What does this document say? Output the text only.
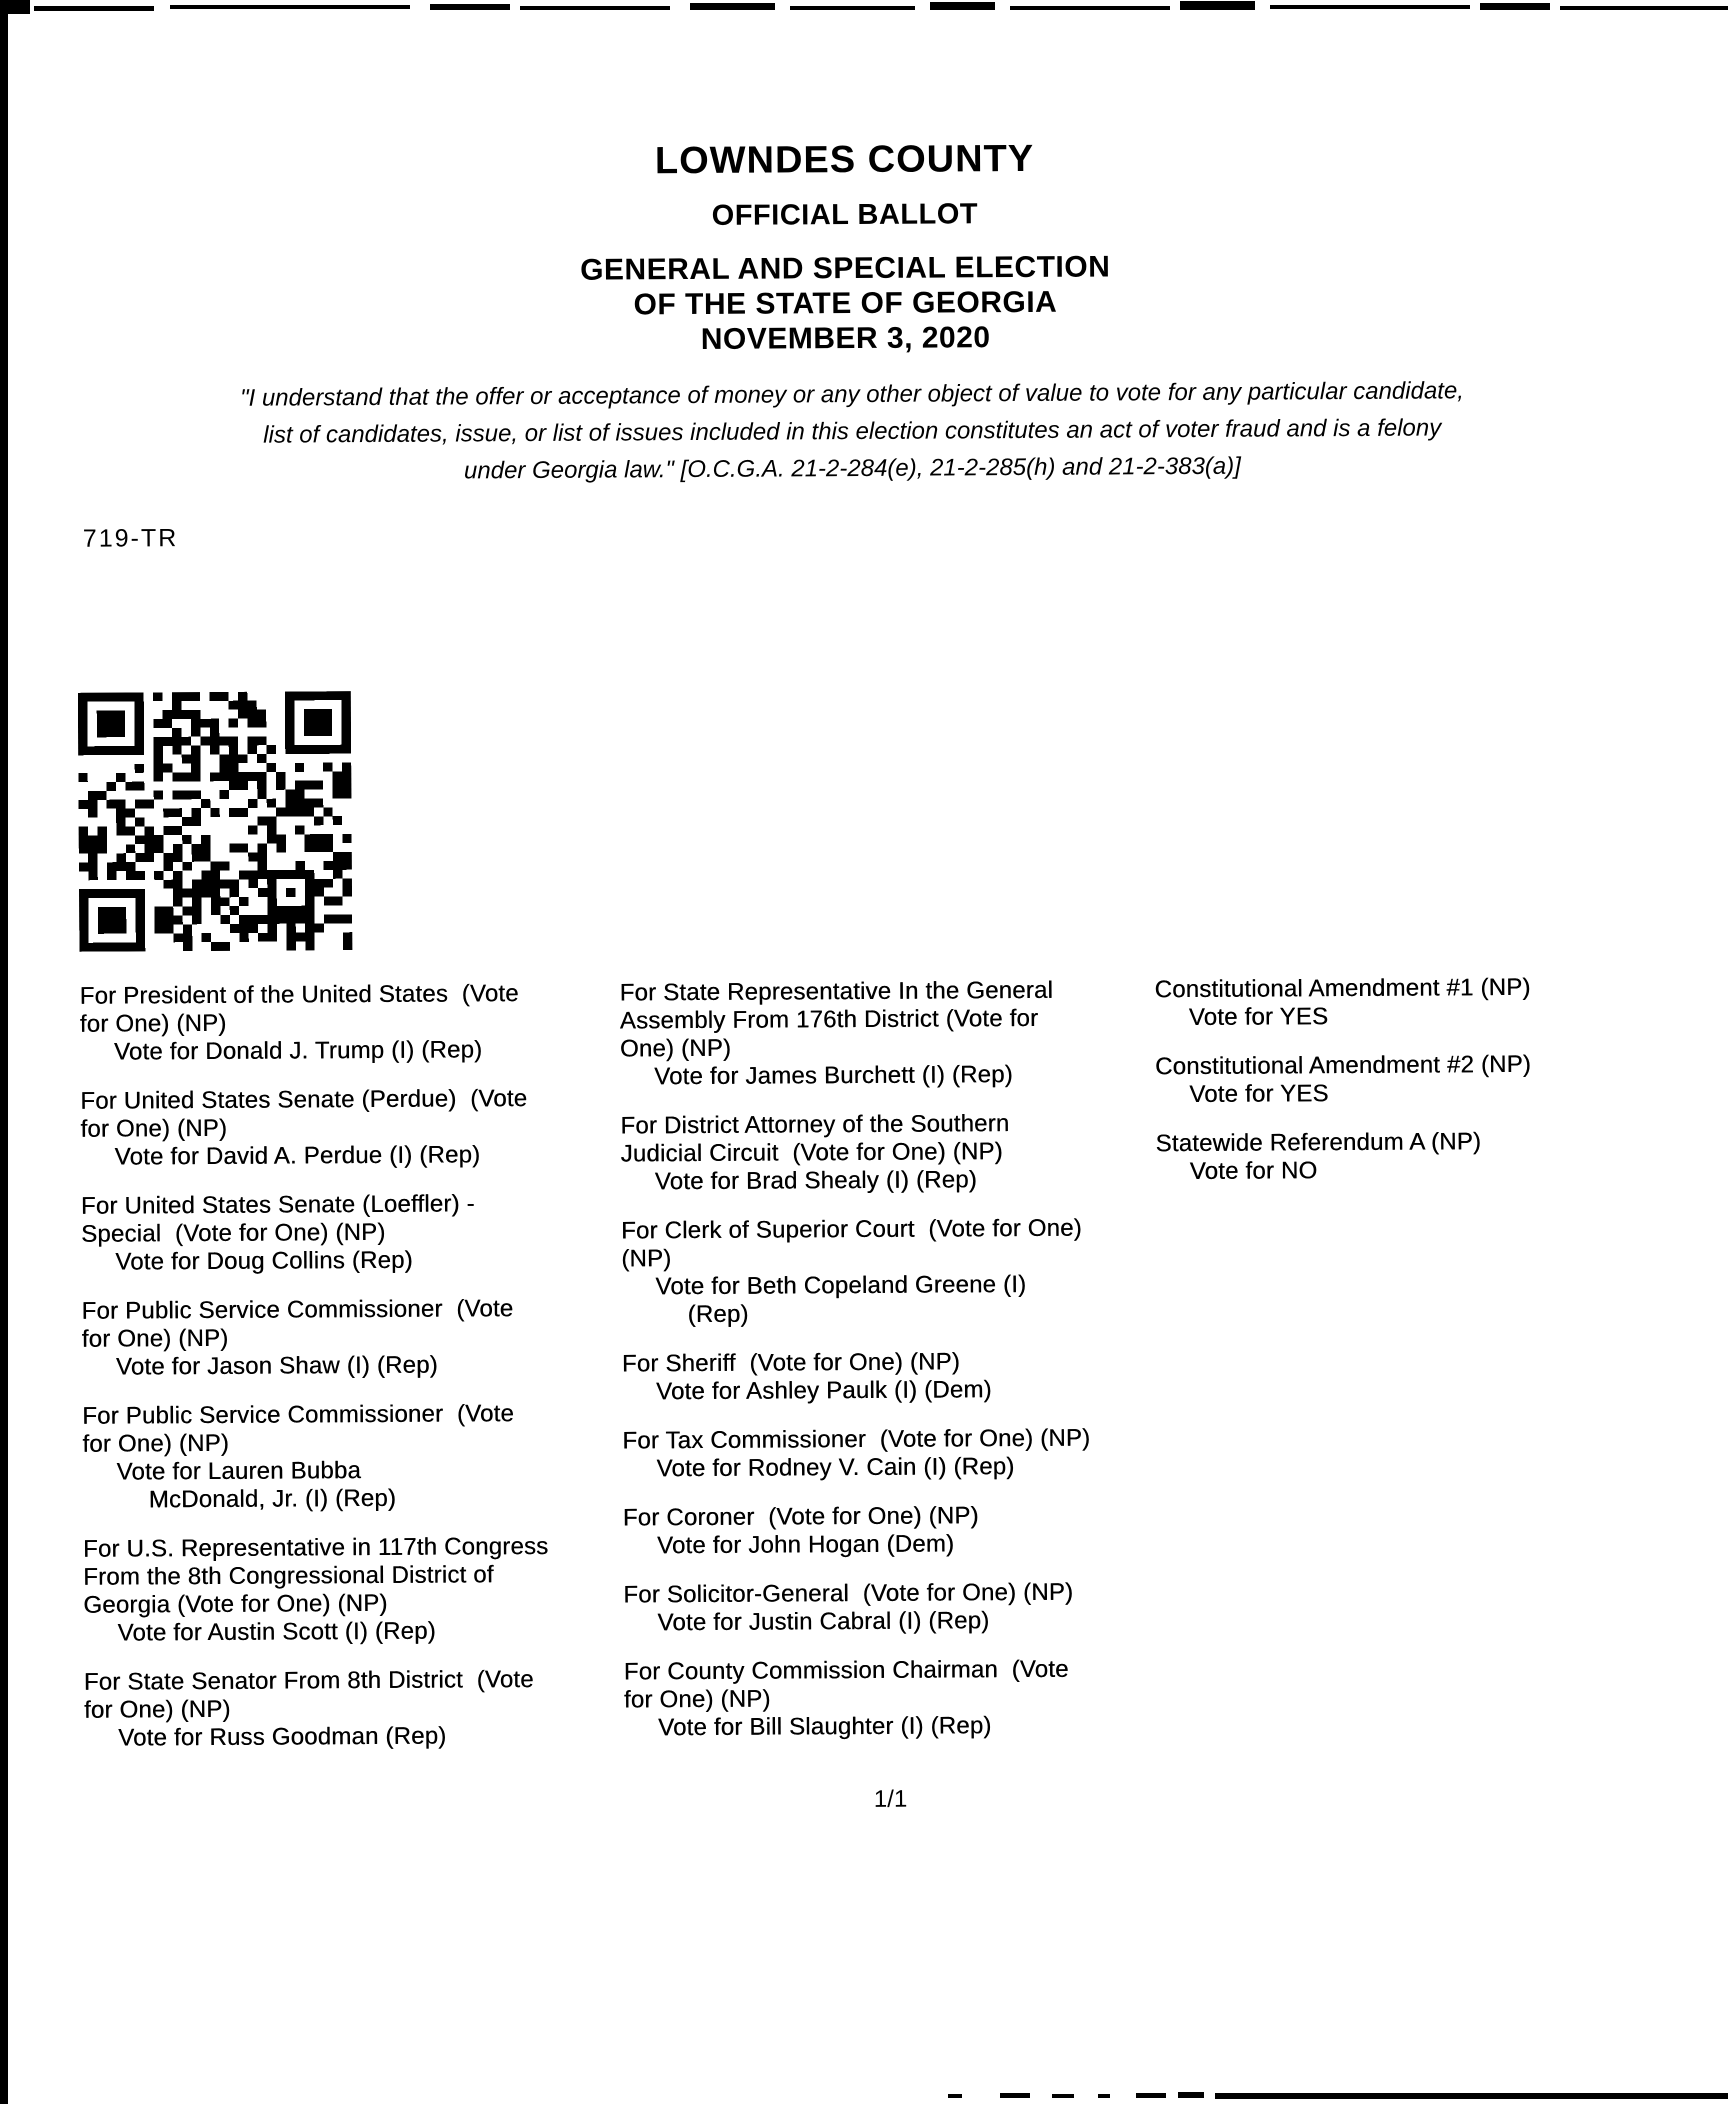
LOWNDES COUNTY
OFFICIAL BALLOT
GENERAL AND SPECIAL ELECTION
OF THE STATE OF GEORGIA
NOVEMBER 3, 2020
"I understand that the offer or acceptance of money or any other object of value to vote for any particular candidate,
list of candidates, issue, or list of issues included in this election constitutes an act of voter fraud and is a felony
under Georgia law." [O.C.G.A. 21-2-284(e), 21-2-285(h) and 21-2-383(a)]
719-TR
For President of the United States  (Vote
for One) (NP)
Vote for Donald J. Trump (I) (Rep)
For United States Senate (Perdue)  (Vote
for One) (NP)
Vote for David A. Perdue (I) (Rep)
For United States Senate (Loeffler) -
Special  (Vote for One) (NP)
Vote for Doug Collins (Rep)
For Public Service Commissioner  (Vote
for One) (NP)
Vote for Jason Shaw (I) (Rep)
For Public Service Commissioner  (Vote
for One) (NP)
Vote for Lauren Bubba
McDonald, Jr. (I) (Rep)
For U.S. Representative in 117th Congress
From the 8th Congressional District of
Georgia (Vote for One) (NP)
Vote for Austin Scott (I) (Rep)
For State Senator From 8th District  (Vote
for One) (NP)
Vote for Russ Goodman (Rep)
For State Representative In the General
Assembly From 176th District (Vote for
One) (NP)
Vote for James Burchett (I) (Rep)
For District Attorney of the Southern
Judicial Circuit  (Vote for One) (NP)
Vote for Brad Shealy (I) (Rep)
For Clerk of Superior Court  (Vote for One)
(NP)
Vote for Beth Copeland Greene (I)
(Rep)
For Sheriff  (Vote for One) (NP)
Vote for Ashley Paulk (I) (Dem)
For Tax Commissioner  (Vote for One) (NP)
Vote for Rodney V. Cain (I) (Rep)
For Coroner  (Vote for One) (NP)
Vote for John Hogan (Dem)
For Solicitor-General  (Vote for One) (NP)
Vote for Justin Cabral (I) (Rep)
For County Commission Chairman  (Vote
for One) (NP)
Vote for Bill Slaughter (I) (Rep)
Constitutional Amendment #1 (NP)
Vote for YES
Constitutional Amendment #2 (NP)
Vote for YES
Statewide Referendum A (NP)
Vote for NO
1/1
